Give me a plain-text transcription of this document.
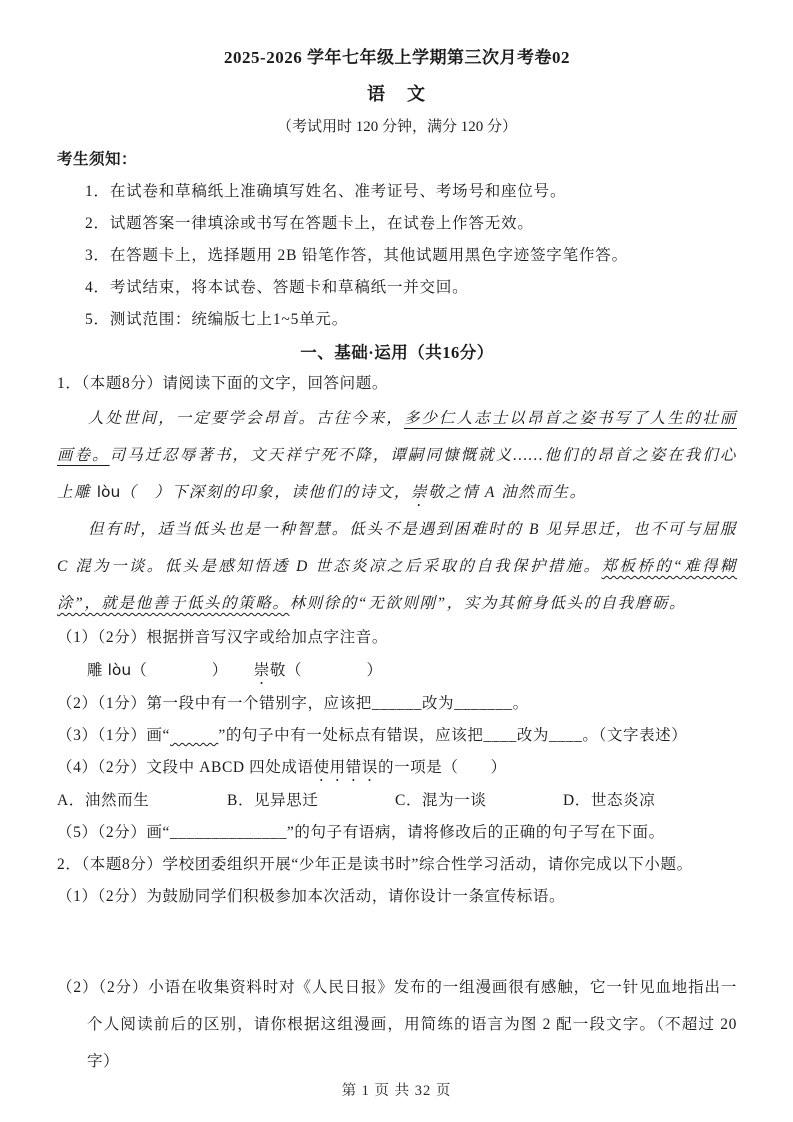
2025-2026 学年七年级上学期第三次月考卷02
语　文
（考试用时 120 分钟，满分 120 分）
考生须知：
1．在试卷和草稿纸上准确填写姓名、准考证号、考场号和座位号。
2．试题答案一律填涂或书写在答题卡上，在试卷上作答无效。
3．在答题卡上，选择题用 2B 铅笔作答，其他试题用黑色字迹签字笔作答。
4．考试结束，将本试卷、答题卡和草稿纸一并交回。
5．测试范围：统编版七上1~5单元。
一、基础·运用（共16分）
1．（本题8分）请阅读下面的文字，回答问题。

人处世间，一定要学会昂首。古往今来，多少仁人志士以昂首之姿书写了人生的壮丽画卷。司马迁忍辱著书，文天祥宁死不降，谭嗣同慷慨就义……他们的昂首之姿在我们心上雕 lòu（　）下深刻的印象，读他们的诗文，崇敬之情 A 油然而生。

但有时，适当低头也是一种智慧。低头不是遇到困难时的 B 见异思迁，也不可与屈服 C 混为一谈。低头是感知悟透 D 世态炎凉之后采取的自我保护措施。郑板桥的“难得糊涂”，就是他善于低头的策略。林则徐的“无欲则刚”，实为其俯身低头的自我磨砺。

（1）（2分）根据拼音写汉字或给加点字注音。
雕 lòu（　　　　） 崇敬（　　　　）
（2）（1分）第一段中有一个错别字，应该把______改为_______。
（3）（1分）画“　　　	”的句子中有一处标点有错误，应该把____改为____。（文字表述）
（4）（2分）文段中 ABCD 四处成语使用错误的一项是（　　）
A．油然而生	B．见异思迁	C．混为一谈	D．世态炎凉
（5）（2分）画“______________”的句子有语病，请将修改后的正确的句子写在下面。
2．（本题8分）学校团委组织开展“少年正是读书时”综合性学习活动，请你完成以下小题。
（1）（2分）为鼓励同学们积极参加本次活动，请你设计一条宣传标语。
（2）（2分）小语在收集资料时对《人民日报》发布的一组漫画很有感触，它一针见血地指出一个人阅读前后的区别，请你根据这组漫画，用简练的语言为图 2 配一段文字。（不超过 20 字）
第 1 页 共 32 页
